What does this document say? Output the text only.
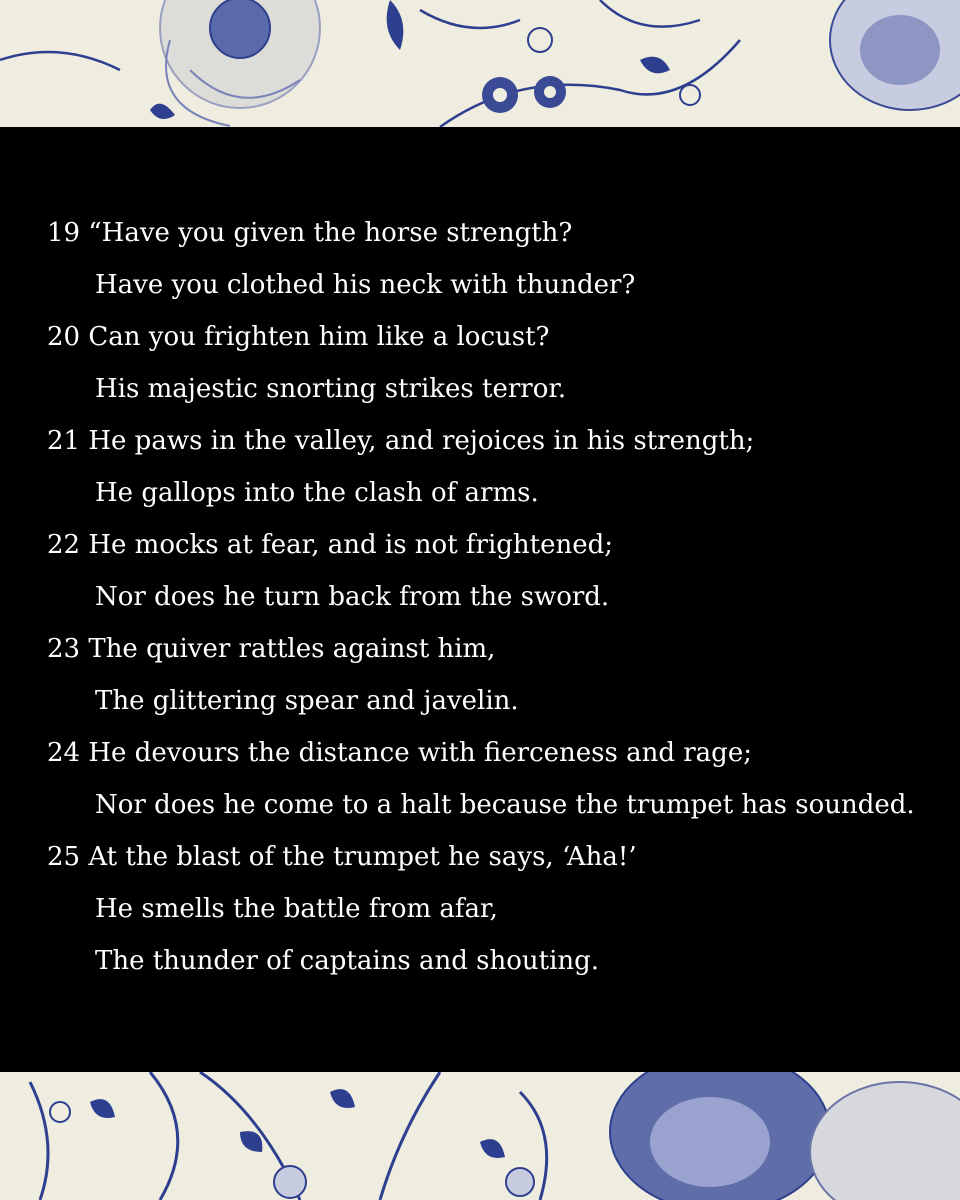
19 “Have you given the horse strength?
Have you clothed his neck with thunder?
20 Can you frighten him like a locust?
His majestic snorting strikes terror.
21 He paws in the valley, and rejoices in his strength;
He gallops into the clash of arms.
22 He mocks at fear, and is not frightened;
Nor does he turn back from the sword.
23 The quiver rattles against him,
The glittering spear and javelin.
24 He devours the distance with fierceness and rage;
Nor does he come to a halt because the trumpet has sounded.
25 At the blast of the trumpet he says, ‘Aha!’
He smells the battle from afar,
The thunder of captains and shouting.
